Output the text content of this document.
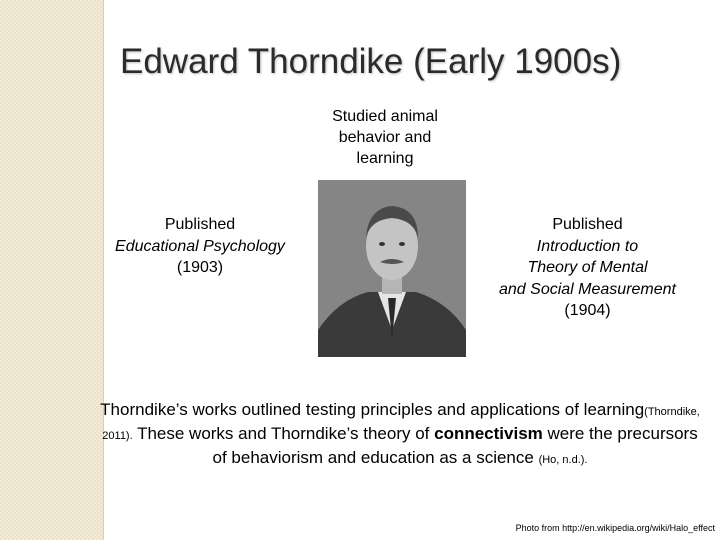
Edward Thorndike (Early 1900s)
Studied animal
behavior and
learning
Published
Educational Psychology
(1903)
Published
Introduction to
Theory of Mental
and Social Measurement
(1904)
Thorndike’s works outlined testing principles and applications of learning(Thorndike, 2011). These works and Thorndike’s theory of connectivism were the precursors of behaviorism and education as a science (Ho, n.d.).
Photo from http://en.wikipedia.org/wiki/Halo_effect
